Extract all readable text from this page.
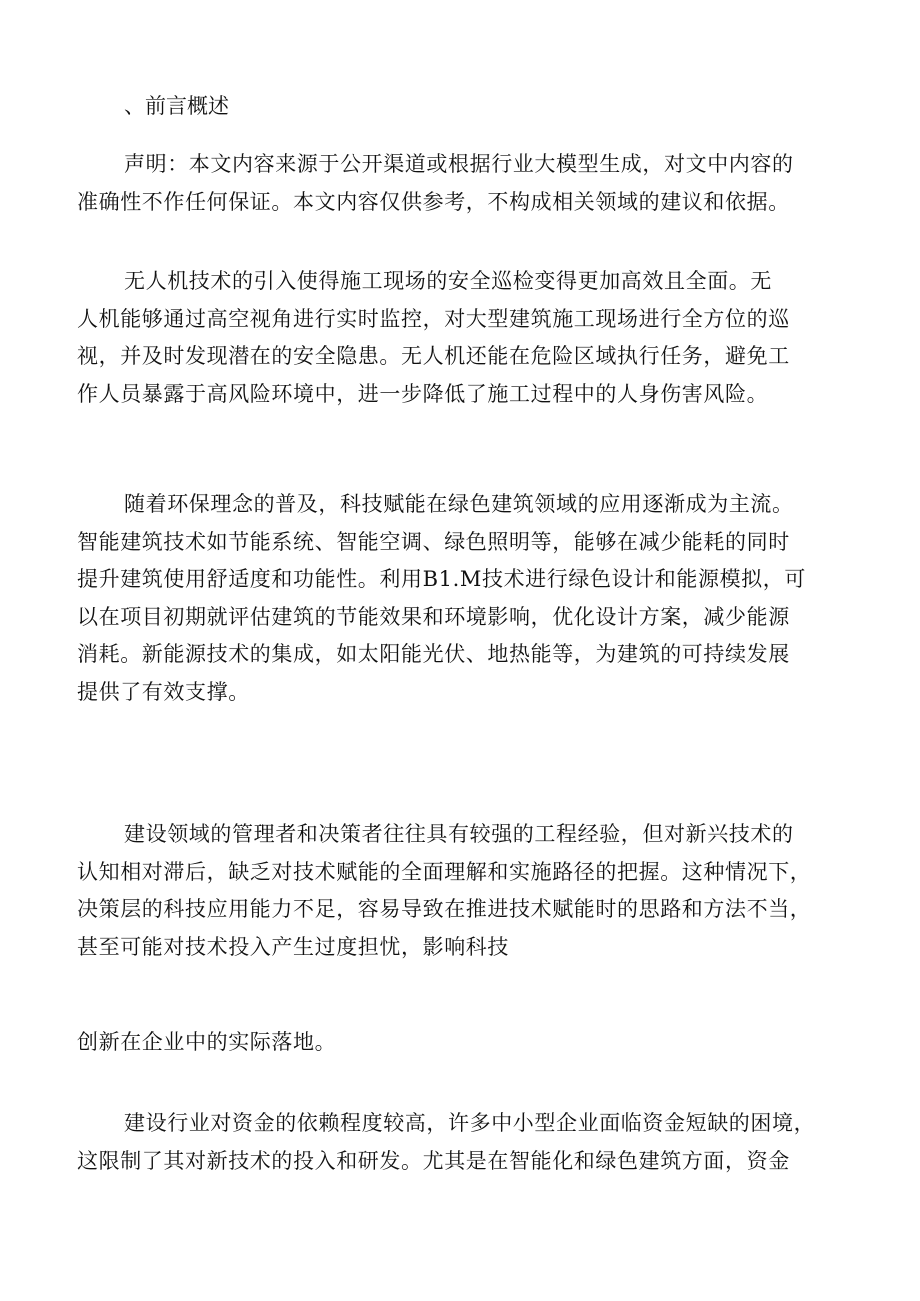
、前言概述

声明：本文内容来源于公开渠道或根据行业大模型生成，对文中内容的
准确性不作任何保证。本文内容仅供参考，不构成相关领域的建议和依据。

无人机技术的引入使得施工现场的安全巡检变得更加高效且全面。无
人机能够通过高空视角进行实时监控，对大型建筑施工现场进行全方位的巡
视，并及时发现潜在的安全隐患。无人机还能在危险区域执行任务，避免工
作人员暴露于高风险环境中，进一步降低了施工过程中的人身伤害风险。

随着环保理念的普及，科技赋能在绿色建筑领域的应用逐渐成为主流。
智能建筑技术如节能系统、智能空调、绿色照明等，能够在减少能耗的同时
提升建筑使用舒适度和功能性。利用B1.M技术进行绿色设计和能源模拟，可
以在项目初期就评估建筑的节能效果和环境影响，优化设计方案，减少能源
消耗。新能源技术的集成，如太阳能光伏、地热能等，为建筑的可持续发展
提供了有效支撑。

建设领域的管理者和决策者往往具有较强的工程经验，但对新兴技术的
认知相对滞后，缺乏对技术赋能的全面理解和实施路径的把握。这种情况下，
决策层的科技应用能力不足，容易导致在推进技术赋能时的思路和方法不当，
甚至可能对技术投入产生过度担忧，影响科技

创新在企业中的实际落地。

建设行业对资金的依赖程度较高，许多中小型企业面临资金短缺的困境，
这限制了其对新技术的投入和研发。尤其是在智能化和绿色建筑方面，资金
